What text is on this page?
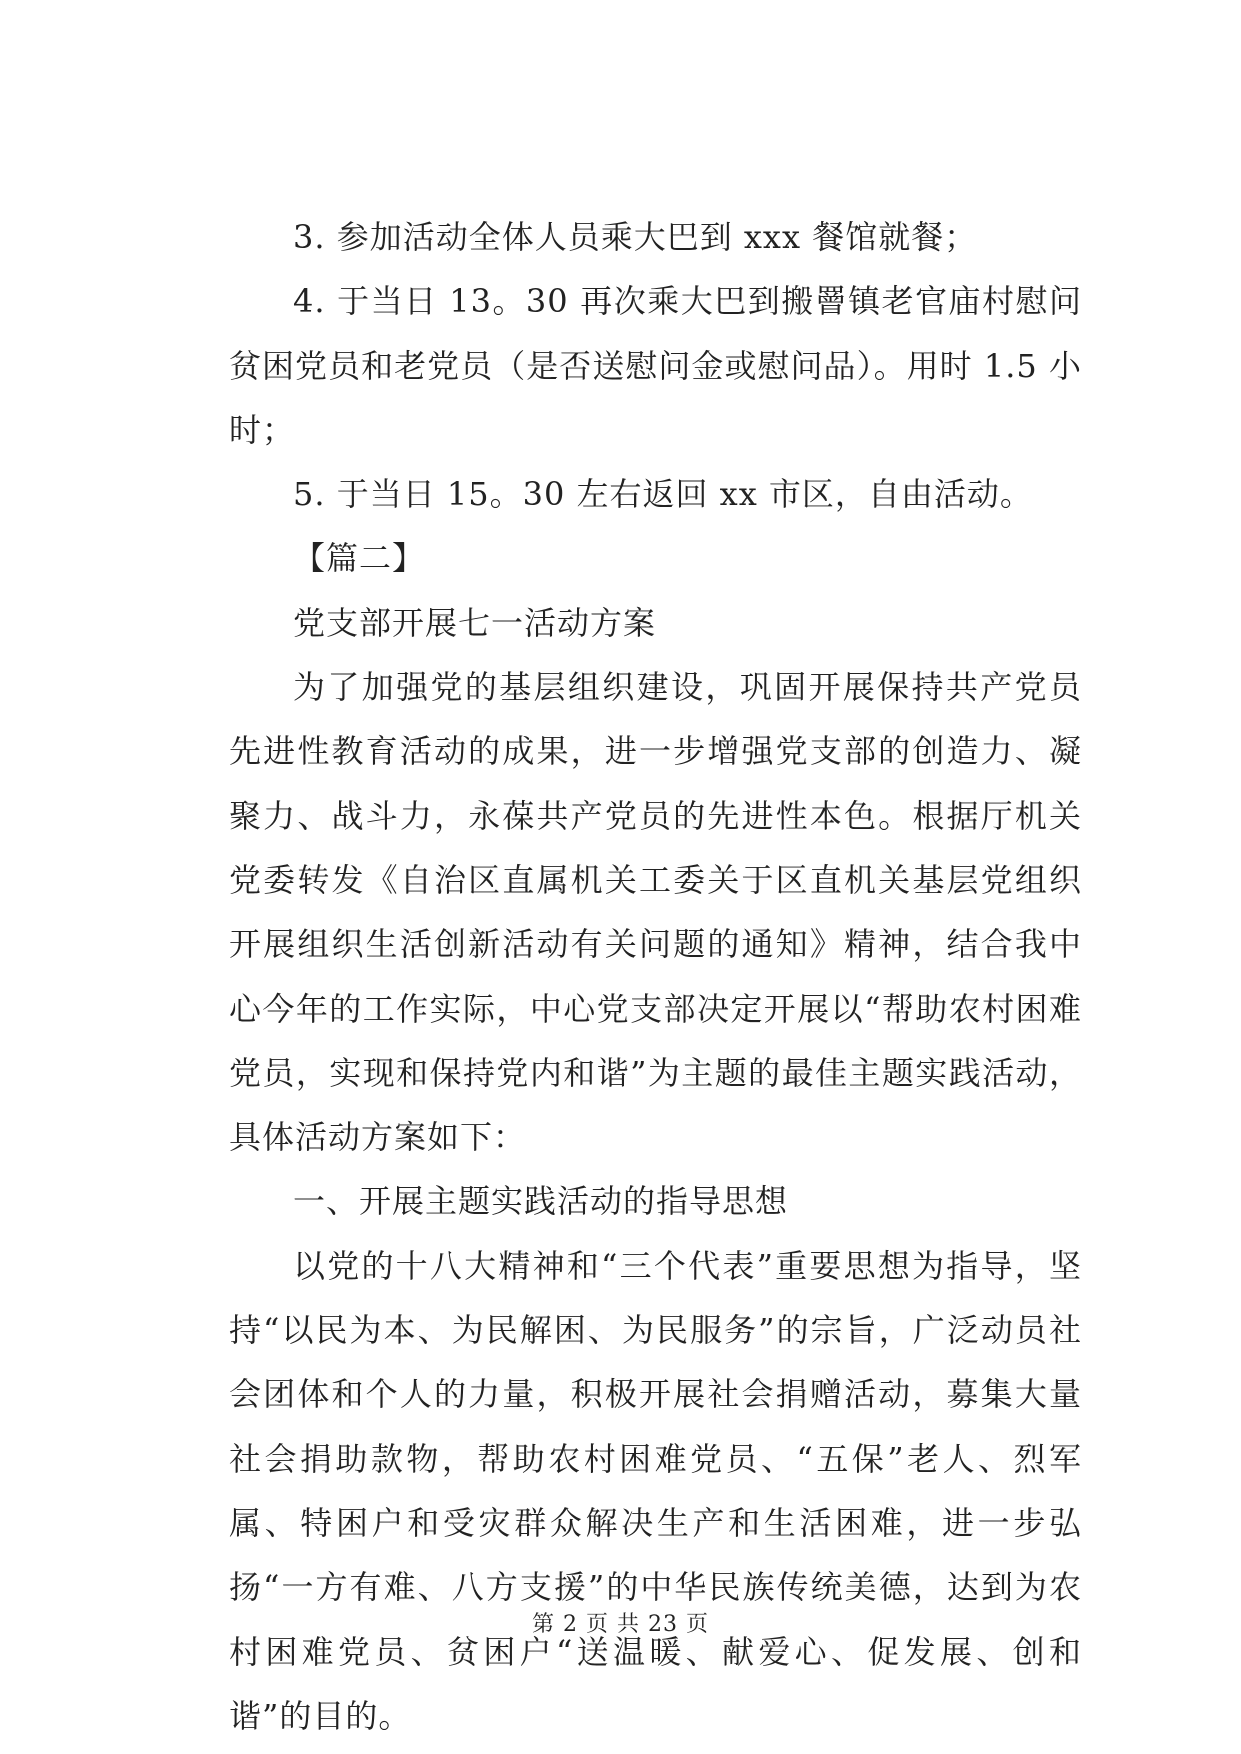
3. 参加活动全体人员乘大巴到 xxx 餐馆就餐；

4. 于当日 13。30 再次乘大巴到搬罾镇老官庙村慰问贫困党员和老党员（是否送慰问金或慰问品）。用时 1.5 小时；

5. 于当日 15。30 左右返回 xx 市区，自由活动。

【篇二】

党支部开展七一活动方案

为了加强党的基层组织建设，巩固开展保持共产党员先进性教育活动的成果，进一步增强党支部的创造力、凝聚力、战斗力，永葆共产党员的先进性本色。根据厅机关党委转发《自治区直属机关工委关于区直机关基层党组织开展组织生活创新活动有关问题的通知》精神，结合我中心今年的工作实际，中心党支部决定开展以“帮助农村困难党员，实现和保持党内和谐”为主题的最佳主题实践活动，具体活动方案如下：

一、开展主题实践活动的指导思想

以党的十八大精神和“三个代表”重要思想为指导，坚持“以民为本、为民解困、为民服务”的宗旨，广泛动员社会团体和个人的力量，积极开展社会捐赠活动，募集大量社会捐助款物，帮助农村困难党员、“五保”老人、烈军属、特困户和受灾群众解决生产和生活困难，进一步弘扬“一方有难、八方支援”的中华民族传统美德，达到为农村困难党员、贫困户“送温暖、献爱心、促发展、创和谐”的目的。

第 2 页 共 23 页
